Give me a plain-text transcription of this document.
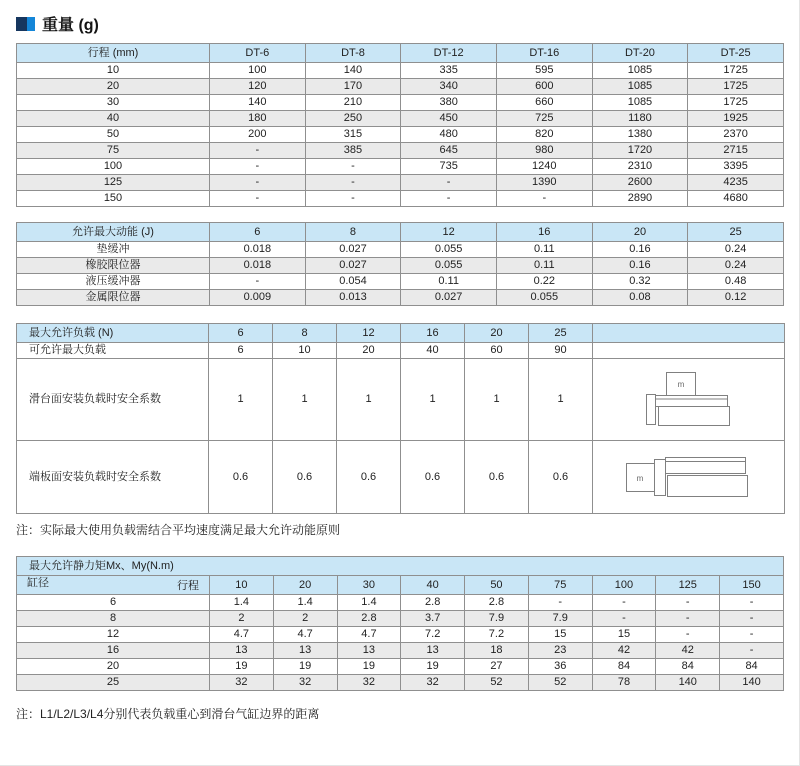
重量 (g)
行程 (mm)	DT-6	DT-8	DT-12	DT-16	DT-20	DT-25
10	100	140	335	595	1085	1725
20	120	170	340	600	1085	1725
30	140	210	380	660	1085	1725
40	180	250	450	725	1180	1925
50	200	315	480	820	1380	2370
75	-	385	645	980	1720	2715
100	-	-	735	1240	2310	3395
125	-	-	-	1390	2600	4235
150	-	-	-	-	2890	4680
允许最大动能 (J)	6	8	12	16	20	25
垫缓冲	0.018	0.027	0.055	0.11	0.16	0.24
橡胶限位器	0.018	0.027	0.055	0.11	0.16	0.24
液压缓冲器	-	0.054	0.11	0.22	0.32	0.48
金属限位器	0.009	0.013	0.027	0.055	0.08	0.12
最大允许负载 (N)	6	8	12	16	20	25	
可允许最大负载	6	10	20	40	60	90	
滑台面安装负载时安全系数	1	1	1	1	1	1	m

端板面安装负载时安全系数	0.6	0.6	0.6	0.6	0.6	0.6	m

注：实际最大使用负载需结合平均速度满足最大允许动能原则

最大允许静力矩Mx、My(N.m)									

行程
缸径	10	20	30	40	50	75	100	125	150
6	1.4	1.4	1.4	2.8	2.8	-	-	-	-
8	2	2	2.8	3.7	7.9	7.9	-	-	-
12	4.7	4.7	4.7	7.2	7.2	15	15	-	-
16	13	13	13	13	18	23	42	42	-
20	19	19	19	19	27	36	84	84	84
25	32	32	32	32	52	52	78	140	140

注：L1/L2/L3/L4分别代表负载重心到滑台气缸边界的距离
